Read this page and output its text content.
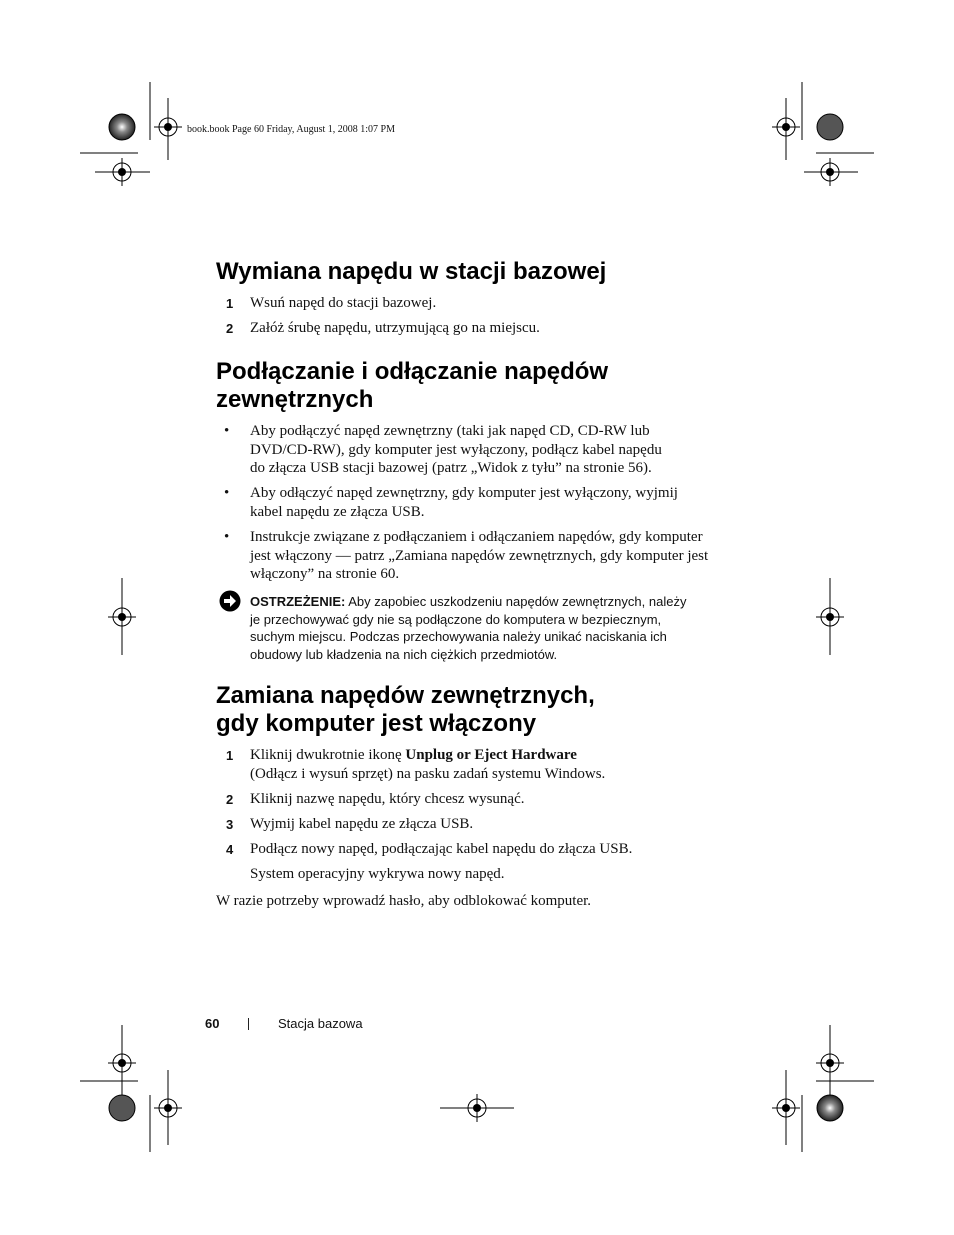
book.book Page 60 Friday, August 1, 2008 1:07 PM
Wymiana napędu w stacji bazowej
1 Wsuń napęd do stacji bazowej.
2 Załóż śrubę napędu, utrzymującą go na miejscu.
Podłączanie i odłączanie napędów
zewnętrznych
• Aby podłączyć napęd zewnętrzny (taki jak napęd CD, CD-RW lub
DVD/CD-RW), gdy komputer jest wyłączony, podłącz kabel napędu
do złącza USB stacji bazowej (patrz „Widok z tyłu” na stronie 56).
• Aby odłączyć napęd zewnętrzny, gdy komputer jest wyłączony, wyjmij
kabel napędu ze złącza USB.
• Instrukcje związane z podłączaniem i odłączaniem napędów, gdy komputer
jest włączony — patrz „Zamiana napędów zewnętrznych, gdy komputer jest
włączony” na stronie 60.
OSTRZEŻENIE: Aby zapobiec uszkodzeniu napędów zewnętrznych, należy
je przechowywać gdy nie są podłączone do komputera w bezpiecznym,
suchym miejscu. Podczas przechowywania należy unikać naciskania ich
obudowy lub kładzenia na nich ciężkich przedmiotów.
Zamiana napędów zewnętrznych,
gdy komputer jest włączony
1 Kliknij dwukrotnie ikonę Unplug or Eject Hardware
(Odłącz i wysuń sprzęt) na pasku zadań systemu Windows.
2 Kliknij nazwę napędu, który chcesz wysunąć.
3 Wyjmij kabel napędu ze złącza USB.
4 Podłącz nowy napęd, podłączając kabel napędu do złącza USB.
System operacyjny wykrywa nowy napęd.
W razie potrzeby wprowadź hasło, aby odblokować komputer.
60	Stacja bazowa
